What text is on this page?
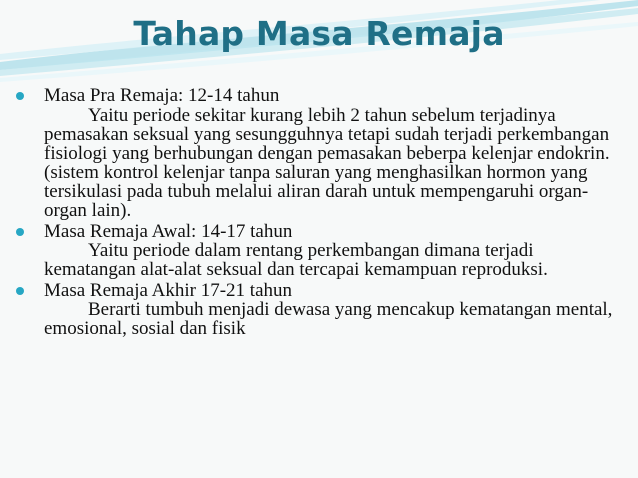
Tahap Masa Remaja
Masa Pra Remaja: 12-14 tahun

Yaitu periode sekitar kurang lebih 2 tahun sebelum terjadinya pemasakan seksual yang sesungguhnya tetapi sudah terjadi perkembangan fisiologi yang berhubungan dengan pemasakan beberpa kelenjar endokrin. (sistem kontrol kelenjar tanpa saluran yang menghasilkan hormon yang tersikulasi pada tubuh melalui aliran darah untuk mempengaruhi organ-organ lain).

Masa Remaja Awal: 14-17 tahun

Yaitu periode dalam rentang perkembangan dimana terjadi kematangan alat-alat seksual dan tercapai kemampuan reproduksi.

Masa Remaja Akhir 17-21 tahun

Berarti tumbuh menjadi dewasa yang mencakup kematangan mental, emosional, sosial dan fisik
